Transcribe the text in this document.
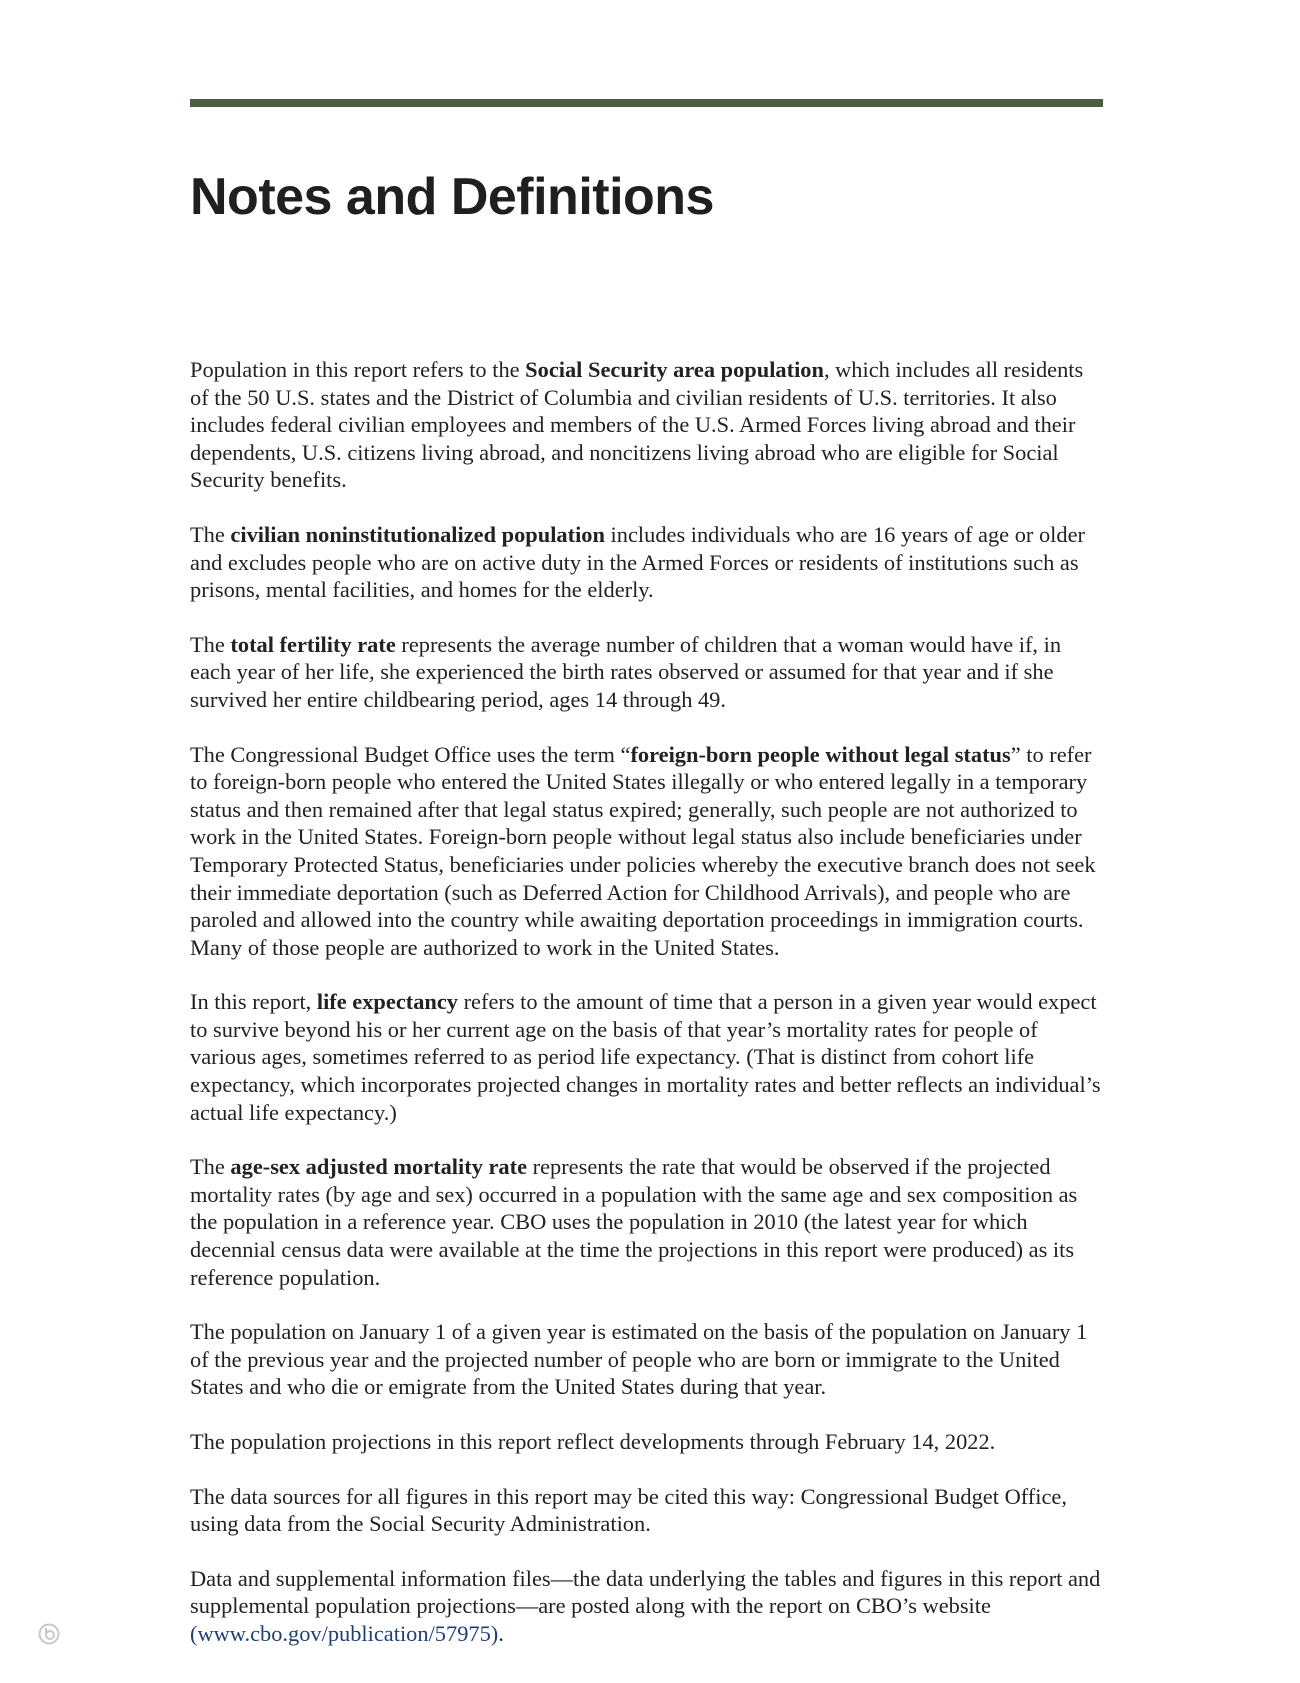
Notes and Definitions

Population in this report refers to the Social Security area population, which includes all residents of the 50 U.S. states and the District of Columbia and civilian residents of U.S. territories. It also includes federal civilian employees and members of the U.S. Armed Forces living abroad and their dependents, U.S. citizens living abroad, and noncitizens living abroad who are eligible for Social Security benefits.

The civilian noninstitutionalized population includes individuals who are 16 years of age or older and excludes people who are on active duty in the Armed Forces or residents of institutions such as prisons, mental facilities, and homes for the elderly.

The total fertility rate represents the average number of children that a woman would have if, in each year of her life, she experienced the birth rates observed or assumed for that year and if she survived her entire childbearing period, ages 14 through 49.

The Congressional Budget Office uses the term “foreign-born people without legal status” to refer to foreign-born people who entered the United States illegally or who entered legally in a temporary status and then remained after that legal status expired; generally, such people are not authorized to work in the United States. Foreign-born people without legal status also include beneficiaries under Temporary Protected Status, beneficiaries under policies whereby the executive branch does not seek their immediate deportation (such as Deferred Action for Childhood Arrivals), and people who are paroled and allowed into the country while awaiting deportation proceedings in immigration courts. Many of those people are authorized to work in the United States.

In this report, life expectancy refers to the amount of time that a person in a given year would expect to survive beyond his or her current age on the basis of that year’s mortality rates for people of various ages, sometimes referred to as period life expectancy. (That is distinct from cohort life expectancy, which incorporates projected changes in mortality rates and better reflects an individual’s actual life expectancy.)

The age-sex adjusted mortality rate represents the rate that would be observed if the projected mortality rates (by age and sex) occurred in a population with the same age and sex composition as the population in a reference year. CBO uses the population in 2010 (the latest year for which decennial census data were available at the time the projections in this report were produced) as its reference population.

The population on January 1 of a given year is estimated on the basis of the population on January 1 of the previous year and the projected number of people who are born or immigrate to the United States and who die or emigrate from the United States during that year.

The population projections in this report reflect developments through February 14, 2022.

The data sources for all figures in this report may be cited this way: Congressional Budget Office, using data from the Social Security Administration.

Data and supplemental information files—the data underlying the tables and figures in this report and supplemental population projections—are posted along with the report on CBO’s website (www.cbo.gov/publication/57975).
